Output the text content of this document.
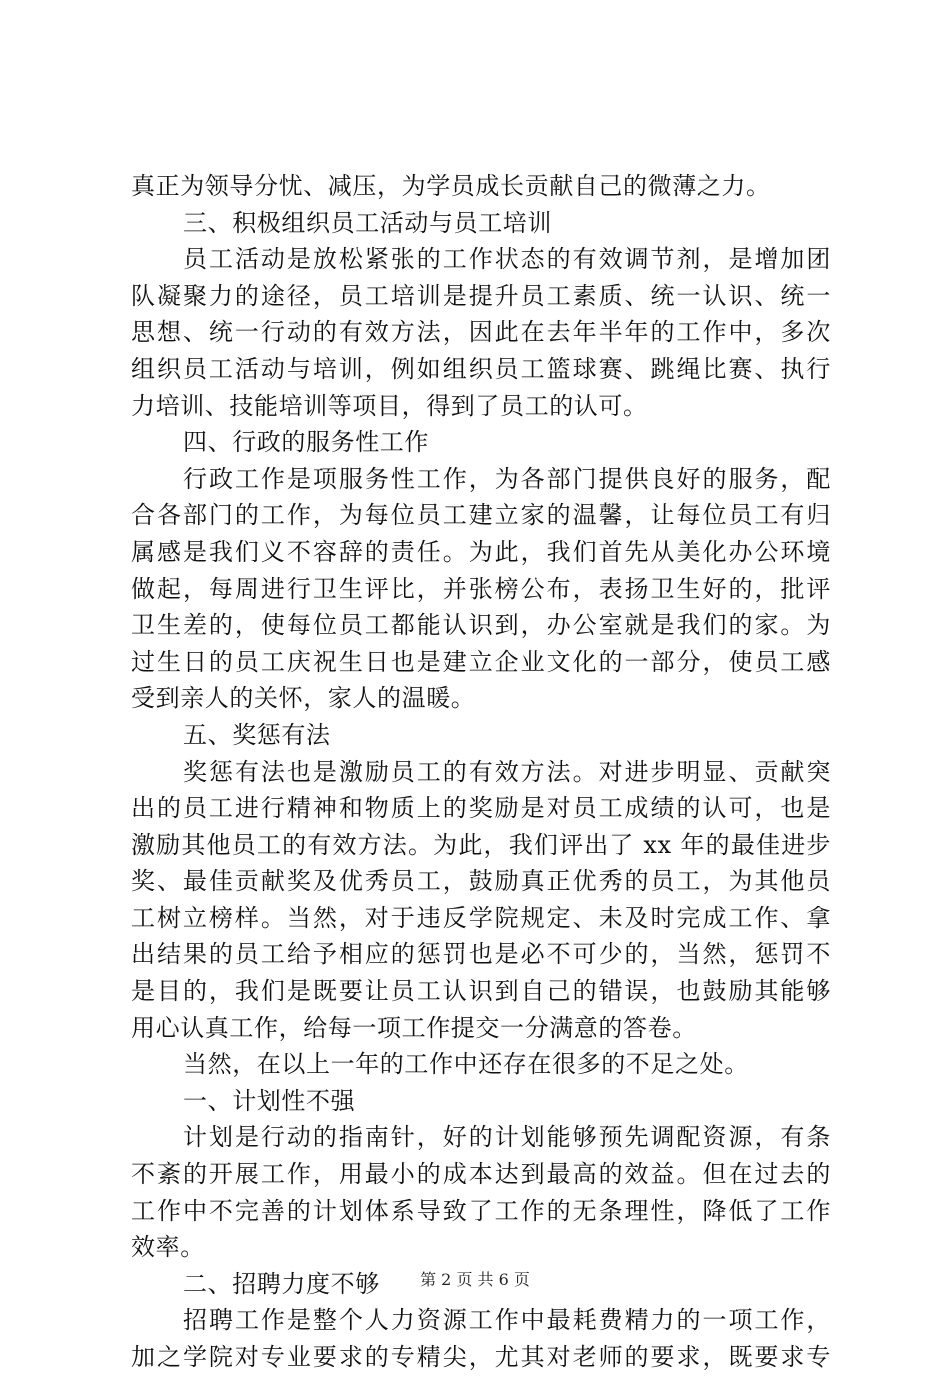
真正为领导分忧、减压，为学员成长贡献自己的微薄之力。
三、积极组织员工活动与员工培训
员工活动是放松紧张的工作状态的有效调节剂，是增加团
队凝聚力的途径，员工培训是提升员工素质、统一认识、统一
思想、统一行动的有效方法，因此在去年半年的工作中，多次
组织员工活动与培训，例如组织员工篮球赛、跳绳比赛、执行
力培训、技能培训等项目，得到了员工的认可。
四、行政的服务性工作
行政工作是项服务性工作，为各部门提供良好的服务，配
合各部门的工作，为每位员工建立家的温馨，让每位员工有归
属感是我们义不容辞的责任。为此，我们首先从美化办公环境
做起，每周进行卫生评比，并张榜公布，表扬卫生好的，批评
卫生差的，使每位员工都能认识到，办公室就是我们的家。为
过生日的员工庆祝生日也是建立企业文化的一部分，使员工感
受到亲人的关怀，家人的温暖。
五、奖惩有法
奖惩有法也是激励员工的有效方法。对进步明显、贡献突
出的员工进行精神和物质上的奖励是对员工成绩的认可，也是
激励其他员工的有效方法。为此，我们评出了 xx 年的最佳进步
奖、最佳贡献奖及优秀员工，鼓励真正优秀的员工，为其他员
工树立榜样。当然，对于违反学院规定、未及时完成工作、拿
出结果的员工给予相应的惩罚也是必不可少的，当然，惩罚不
是目的，我们是既要让员工认识到自己的错误，也鼓励其能够
用心认真工作，给每一项工作提交一分满意的答卷。
当然，在以上一年的工作中还存在很多的不足之处。
一、计划性不强
计划是行动的指南针，好的计划能够预先调配资源，有条
不紊的开展工作，用最小的成本达到最高的效益。但在过去的
工作中不完善的计划体系导致了工作的无条理性，降低了工作
效率。
二、招聘力度不够
招聘工作是整个人力资源工作中最耗费精力的一项工作，
加之学院对专业要求的专精尖，尤其对老师的要求，既要求专
第 2 页 共 6 页
